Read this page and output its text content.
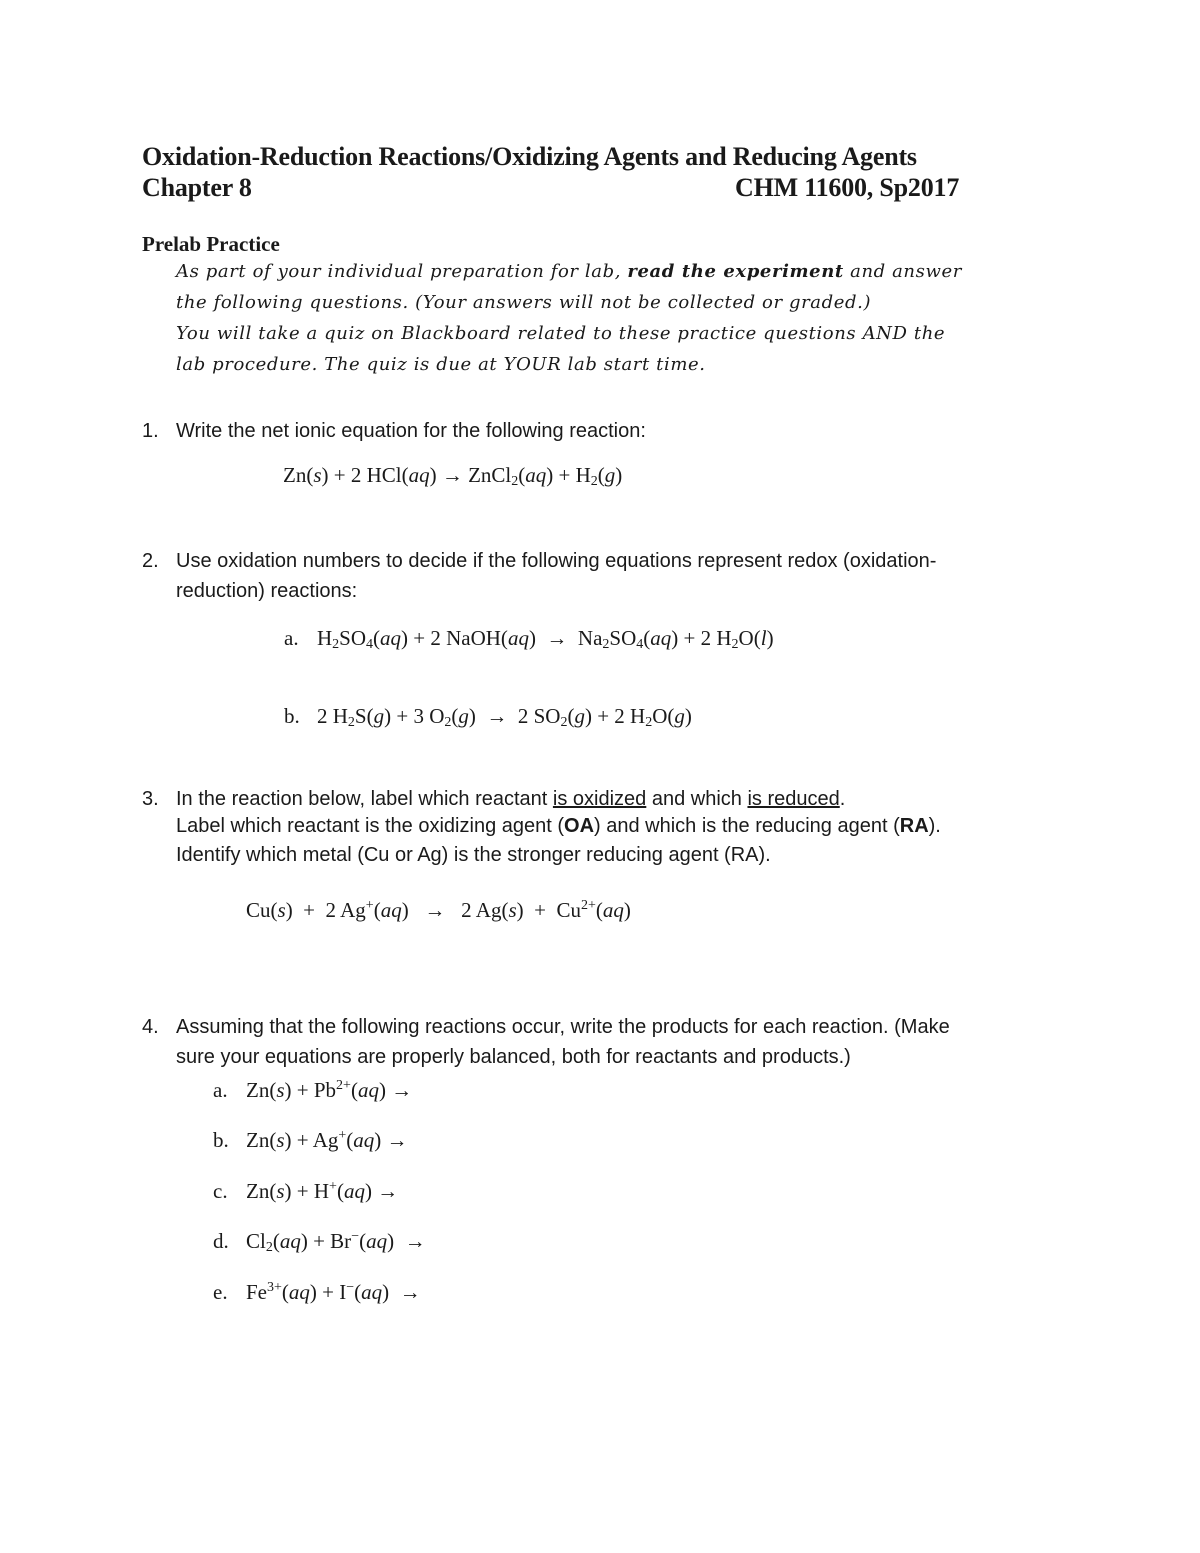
Oxidation-Reduction Reactions/Oxidizing Agents and Reducing Agents
Chapter 8	CHM 11600, Sp2017
Prelab Practice
As part of your individual preparation for lab, read the experiment and answer
the following questions. (Your answers will not be collected or graded.)
You will take a quiz on Blackboard related to these practice questions AND the
lab procedure. The quiz is due at YOUR lab start time.
1. Write the net ionic equation for the following reaction:
Zn(s) + 2 HCl(aq) → ZnCl$_2$(aq) + $H_2(g)$
2. Use oxidation numbers to decide if the following equations represent redox (oxidation-
reduction) reactions:
a. $H_2SO_4(aq) + 2$ NaOH(aq)  →  $Na_2SO_4(aq) + 2$ $H_2O(l)$
b. 2 $H_2S(g) + 3$ $O_2(g) \to 2$ $SO_2(g) + 2$ $H_2O(g)$
3. In the reaction below, label which reactant is oxidized and which is reduced.
Label which reactant is the oxidizing agent (OA) and which is the reducing agent (RA).
Identify which metal (Cu or Ag) is the stronger reducing agent (RA).
Cu(s)  +  2 Ag+(aq)   →   2 $Ag(s) + Cu^{2+}(aq)$
4. Assuming that the following reactions occur, write the products for each reaction. (Make
sure your equations are properly balanced, both for reactants and products.)
a. $Zn(s) + Pb^{2+}(aq)$ →
b. Zn(s) + Ag+(aq) →
c. Zn(s) + H+(aq) →
d. $Cl_2(aq) + Br^-(aq)$  →
e. $Fe^{3+}(aq) + I^-(aq)$  →
